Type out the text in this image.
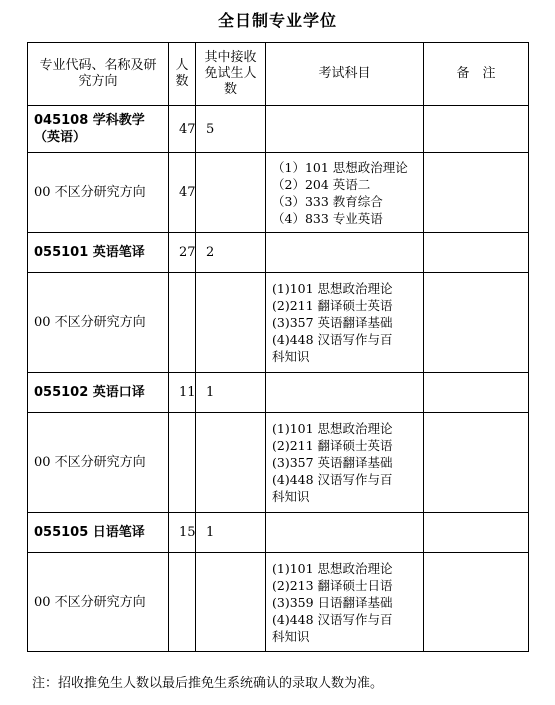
全日制专业学位
专业代码、名称及研究方向	人数	其中接收免试生人数	考试科目	备　注
045108 学科教学（英语）	47	5		
00 不区分研究方向	47		（1）101 思想政治理论
（2）204 英语二
（3）333 教育综合
（4）833 专业英语	

055101 英语笔译	27	2		
00 不区分研究方向			(1)101 思想政治理论
(2)211 翻译硕士英语
(3)357 英语翻译基础
(4)448 汉语写作与百
科知识	

055102 英语口译	11	1		
00 不区分研究方向			(1)101 思想政治理论
(2)211 翻译硕士英语
(3)357 英语翻译基础
(4)448 汉语写作与百
科知识	

055105 日语笔译	15	1		
00 不区分研究方向			(1)101 思想政治理论
(2)213 翻译硕士日语
(3)359 日语翻译基础
(4)448 汉语写作与百
科知识	

注：招收推免生人数以最后推免生系统确认的录取人数为准。
